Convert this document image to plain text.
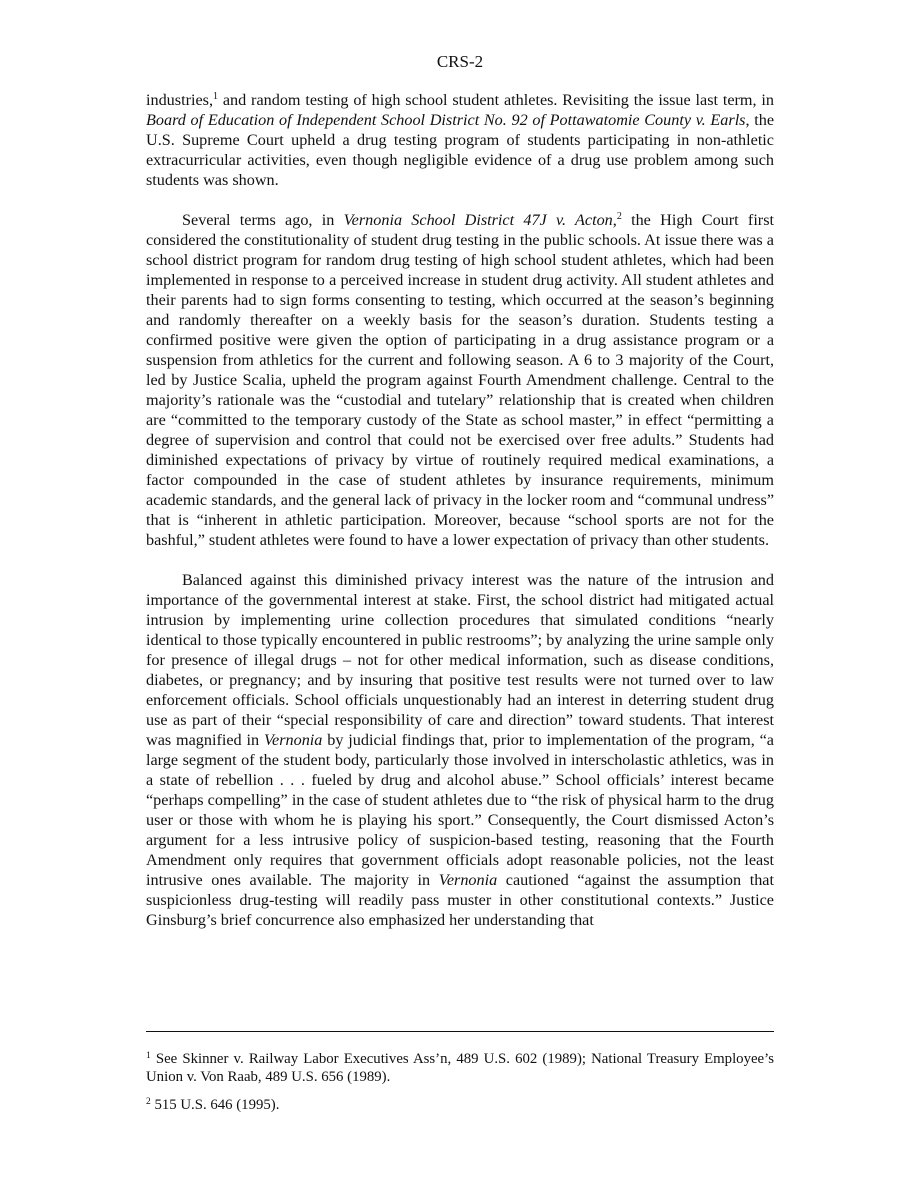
CRS-2

industries,$^1$ and random testing of high school student athletes. Revisiting the issue last term, in Board of Education of Independent School District No. 92 of Pottawatomie County v. Earls, the U.S. Supreme Court upheld a drug testing program of students participating in non-athletic extracurricular activities, even though negligible evidence of a drug use problem among such students was shown.

Several terms ago, in Vernonia School District 47J v. Acton,$^2$ the High Court first considered the constitutionality of student drug testing in the public schools. At issue there was a school district program for random drug testing of high school student athletes, which had been implemented in response to a perceived increase in student drug activity. All student athletes and their parents had to sign forms consenting to testing, which occurred at the season’s beginning and randomly thereafter on a weekly basis for the season’s duration. Students testing a confirmed positive were given the option of participating in a drug assistance program or a suspension from athletics for the current and following season. A 6 to 3 majority of the Court, led by Justice Scalia, upheld the program against Fourth Amendment challenge. Central to the majority’s rationale was the “custodial and tutelary” relationship that is created when children are “committed to the temporary custody of the State as school master,” in effect “permitting a degree of supervision and control that could not be exercised over free adults.” Students had diminished expectations of privacy by virtue of routinely required medical examinations, a factor compounded in the case of student athletes by insurance requirements, minimum academic standards, and the general lack of privacy in the locker room and “communal undress” that is “inherent in athletic participation. Moreover, because “school sports are not for the bashful,” student athletes were found to have a lower expectation of privacy than other students.

Balanced against this diminished privacy interest was the nature of the intrusion and importance of the governmental interest at stake. First, the school district had mitigated actual intrusion by implementing urine collection procedures that simulated conditions “nearly identical to those typically encountered in public restrooms”; by analyzing the urine sample only for presence of illegal drugs – not for other medical information, such as disease conditions, diabetes, or pregnancy; and by insuring that positive test results were not turned over to law enforcement officials. School officials unquestionably had an interest in deterring student drug use as part of their “special responsibility of care and direction” toward students. That interest was magnified in Vernonia by judicial findings that, prior to implementation of the program, “a large segment of the student body, particularly those involved in interscholastic athletics, was in a state of rebellion . . . fueled by drug and alcohol abuse.” School officials’ interest became “perhaps compelling” in the case of student athletes due to “the risk of physical harm to the drug user or those with whom he is playing his sport.” Consequently, the Court dismissed Acton’s argument for a less intrusive policy of suspicion-based testing, reasoning that the Fourth Amendment only requires that government officials adopt reasonable policies, not the least intrusive ones available. The majority in Vernonia cautioned “against the assumption that suspicionless drug-testing will readily pass muster in other constitutional contexts.” Justice Ginsburg’s brief concurrence also emphasized her understanding that

$^1$ See Skinner v. Railway Labor Executives Ass’n, 489 U.S. 602 (1989); National Treasury Employee’s Union v. Von Raab, 489 U.S. 656 (1989).

$^2$ 515 U.S. 646 (1995).
